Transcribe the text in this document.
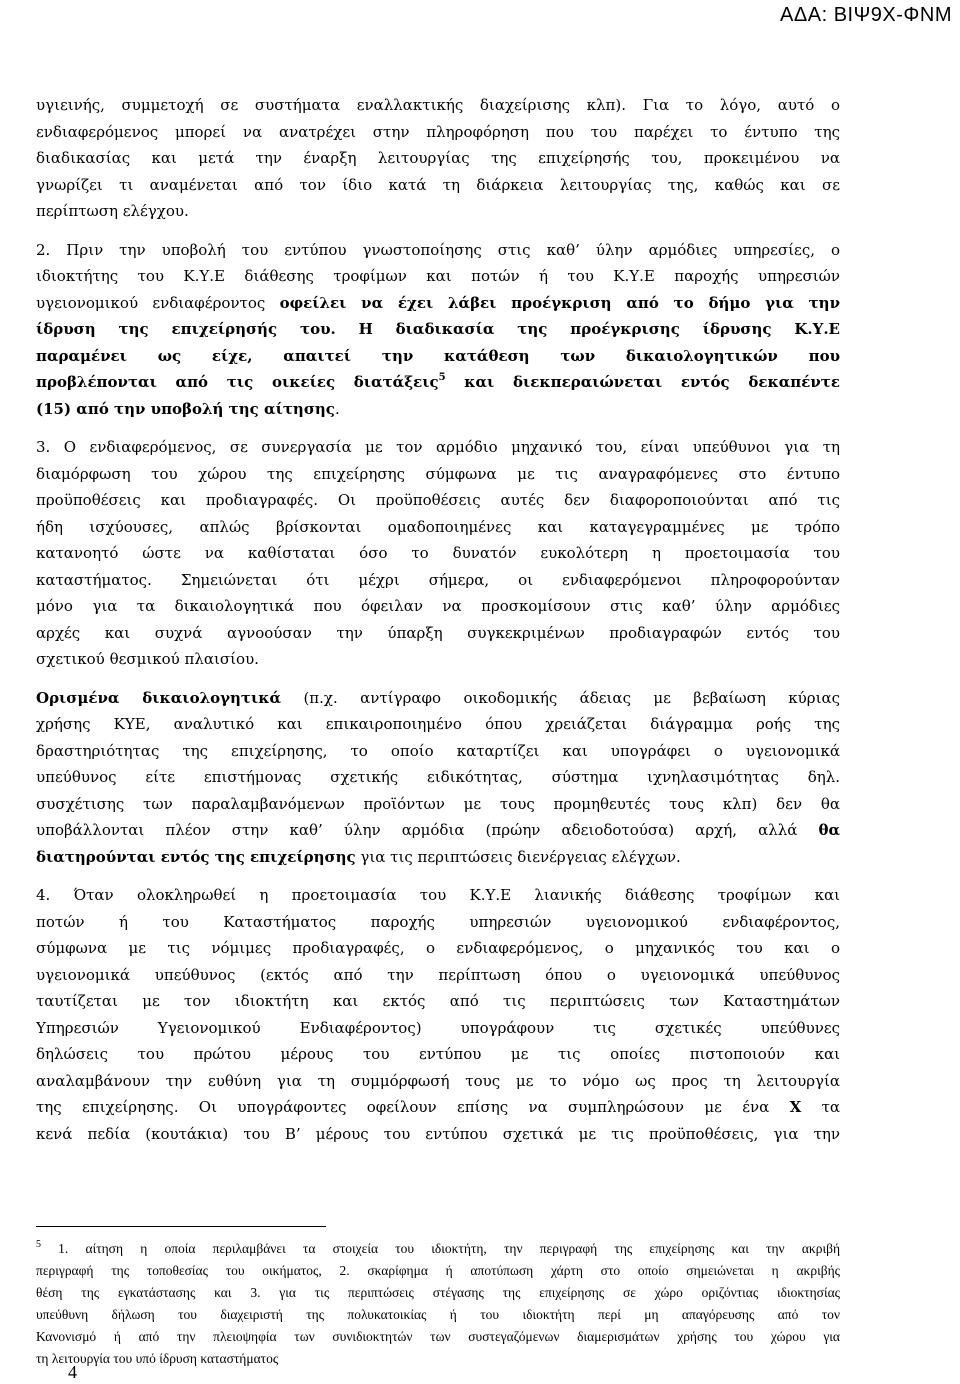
ΑΔΑ: ΒΙΨ9Χ-ΦΝΜ

υγιεινής, συμμετοχή σε συστήματα εναλλακτικής διαχείρισης κλπ). Για το λόγο, αυτό ο

ενδιαφερόμενος μπορεί να ανατρέχει στην πληροφόρηση που του παρέχει το έντυπο της

διαδικασίας και μετά την έναρξη λειτουργίας της επιχείρησής του, προκειμένου να

γνωρίζει τι αναμένεται από τον ίδιο κατά τη διάρκεια λειτουργίας της, καθώς και σε

περίπτωση ελέγχου.

2. Πριν την υποβολή του εντύπου γνωστοποίησης στις καθ’ ύλην αρμόδιες υπηρεσίες, ο

ιδιοκτήτης του Κ.Υ.Ε διάθεσης τροφίμων και ποτών ή του Κ.Υ.Ε παροχής υπηρεσιών

υγειονομικού ενδιαφέροντος οφείλει να έχει λάβει προέγκριση από το δήμο για την

ίδρυση της επιχείρησής του. Η διαδικασία της προέγκρισης ίδρυσης Κ.Υ.Ε

παραμένει ως είχε, απαιτεί την κατάθεση των δικαιολογητικών που

προβλέπονται από τις οικείες διατάξεις$^5$ και διεκπεραιώνεται εντός δεκαπέντε

(15) από την υποβολή της αίτησης.

3. Ο ενδιαφερόμενος, σε συνεργασία με τον αρμόδιο μηχανικό του, είναι υπεύθυνοι για τη

διαμόρφωση του χώρου της επιχείρησης σύμφωνα με τις αναγραφόμενες στο έντυπο

προϋποθέσεις και προδιαγραφές. Οι προϋποθέσεις αυτές δεν διαφοροποιούνται από τις

ήδη ισχύουσες, απλώς βρίσκονται ομαδοποιημένες και καταγεγραμμένες με τρόπο

κατανοητό ώστε να καθίσταται όσο το δυνατόν ευκολότερη η προετοιμασία του

καταστήματος. Σημειώνεται ότι μέχρι σήμερα, οι ενδιαφερόμενοι πληροφορούνταν

μόνο για τα δικαιολογητικά που όφειλαν να προσκομίσουν στις καθ’ ύλην αρμόδιες

αρχές και συχνά αγνοούσαν την ύπαρξη συγκεκριμένων προδιαγραφών εντός του

σχετικού θεσμικού πλαισίου.

Ορισμένα δικαιολογητικά (π.χ. αντίγραφο οικοδομικής άδειας με βεβαίωση κύριας

χρήσης ΚΥΕ, αναλυτικό και επικαιροποιημένο όπου χρειάζεται διάγραμμα ροής της

δραστηριότητας της επιχείρησης, το οποίο καταρτίζει και υπογράφει ο υγειονομικά

υπεύθυνος είτε επιστήμονας σχετικής ειδικότητας, σύστημα ιχνηλασιμότητας δηλ.

συσχέτισης των παραλαμβανόμενων προϊόντων με τους προμηθευτές τους κλπ) δεν θα

υποβάλλονται πλέον στην καθ’ ύλην αρμόδια (πρώην αδειοδοτούσα) αρχή, αλλά θα

διατηρούνται εντός της επιχείρησης για τις περιπτώσεις διενέργειας ελέγχων.

4. Όταν ολοκληρωθεί η προετοιμασία του Κ.Υ.Ε λιανικής διάθεσης τροφίμων και

ποτών ή του Καταστήματος παροχής υπηρεσιών υγειονομικού ενδιαφέροντος,

σύμφωνα με τις νόμιμες προδιαγραφές, ο ενδιαφερόμενος, ο μηχανικός του και ο

υγειονομικά υπεύθυνος (εκτός από την περίπτωση όπου ο υγειονομικά υπεύθυνος

ταυτίζεται με τον ιδιοκτήτη και εκτός από τις περιπτώσεις των Καταστημάτων

Υπηρεσιών Υγειονομικού Ενδιαφέροντος) υπογράφουν τις σχετικές υπεύθυνες

δηλώσεις του πρώτου μέρους του εντύπου με τις οποίες πιστοποιούν και

αναλαμβάνουν την ευθύνη για τη συμμόρφωσή τους με το νόμο ως προς τη λειτουργία

της επιχείρησης. Οι υπογράφοντες οφείλουν επίσης να συμπληρώσουν με ένα Χ τα

κενά πεδία (κουτάκια) του Β’ μέρους του εντύπου σχετικά με τις προϋποθέσεις, για την

$^5$ 1. αίτηση η οποία περιλαμβάνει τα στοιχεία του ιδιοκτήτη, την περιγραφή της επιχείρησης και την ακριβή

περιγραφή της τοποθεσίας του οικήματος, 2. σκαρίφημα ή αποτύπωση χάρτη στο οποίο σημειώνεται η ακριβής

θέση της εγκατάστασης και 3. για τις περιπτώσεις στέγασης της επιχείρησης σε χώρο οριζόντιας ιδιοκτησίας

υπεύθυνη δήλωση του διαχειριστή της πολυκατοικίας ή του ιδιοκτήτη περί μη απαγόρευσης από τον

Κανονισμό ή από την πλειοψηφία των συνιδιοκτητών των συστεγαζόμενων διαμερισμάτων χρήσης του χώρου για

τη λειτουργία του υπό ίδρυση καταστήματος

4
